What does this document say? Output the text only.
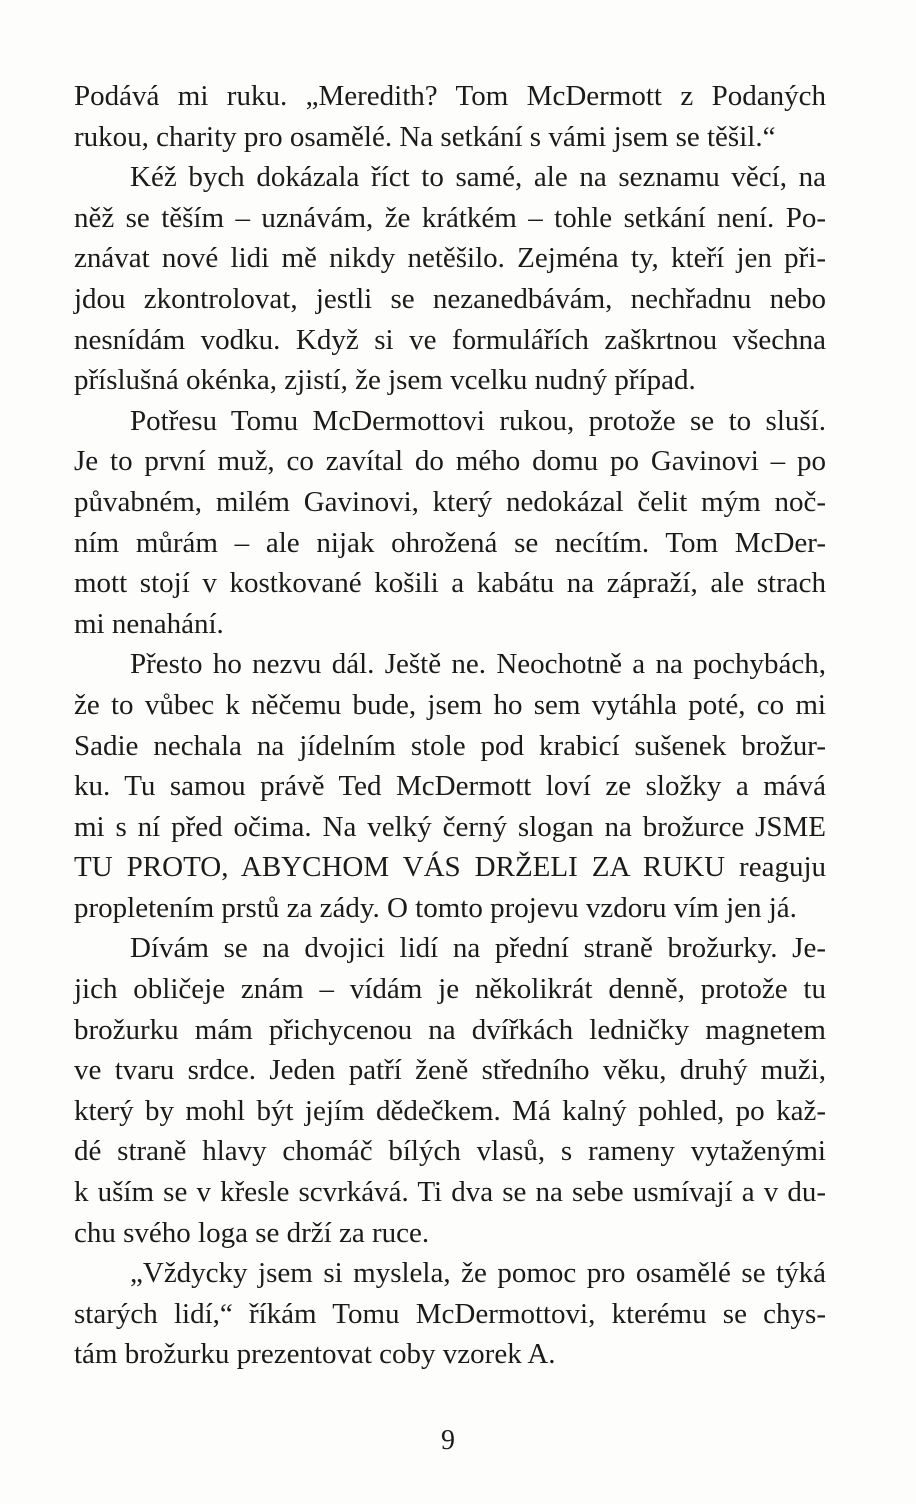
Podává mi ruku. „Meredith? Tom McDermott z Podaných
rukou, charity pro osamělé. Na setkání s vámi jsem se těšil.“
Kéž bych dokázala říct to samé, ale na seznamu věcí, na
něž se těším – uznávám, že krátkém – tohle setkání není. Po-
znávat nové lidi mě nikdy netěšilo. Zejména ty, kteří jen při-
jdou zkontrolovat, jestli se nezanedbávám, nechřadnu nebo
nesnídám vodku. Když si ve formulářích zaškrtnou všechna
příslušná okénka, zjistí, že jsem vcelku nudný případ.
Potřesu Tomu McDermottovi rukou, protože se to sluší.
Je to první muž, co zavítal do mého domu po Gavinovi – po
půvabném, milém Gavinovi, který nedokázal čelit mým noč-
ním můrám – ale nijak ohrožená se necítím. Tom McDer-
mott stojí v kostkované košili a kabátu na zápraží, ale strach
mi nenahání.
Přesto ho nezvu dál. Ještě ne. Neochotně a na pochybách,
že to vůbec k něčemu bude, jsem ho sem vytáhla poté, co mi
Sadie nechala na jídelním stole pod krabicí sušenek brožur-
ku. Tu samou právě Ted McDermott loví ze složky a mává
mi s ní před očima. Na velký černý slogan na brožurce JSME
TU PROTO, ABYCHOM VÁS DRŽELI ZA RUKU reaguju
propletením prstů za zády. O tomto projevu vzdoru vím jen já.
Dívám se na dvojici lidí na přední straně brožurky. Je-
jich obličeje znám – vídám je několikrát denně, protože tu
brožurku mám přichycenou na dvířkách ledničky magnetem
ve tvaru srdce. Jeden patří ženě středního věku, druhý muži,
který by mohl být jejím dědečkem. Má kalný pohled, po kaž-
dé straně hlavy chomáč bílých vlasů, s rameny vytaženými
k uším se v křesle scvrkává. Ti dva se na sebe usmívají a v du-
chu svého loga se drží za ruce.
„Vždycky jsem si myslela, že pomoc pro osamělé se týká
starých lidí,“ říkám Tomu McDermottovi, kterému se chys-
tám brožurku prezentovat coby vzorek A.
9
